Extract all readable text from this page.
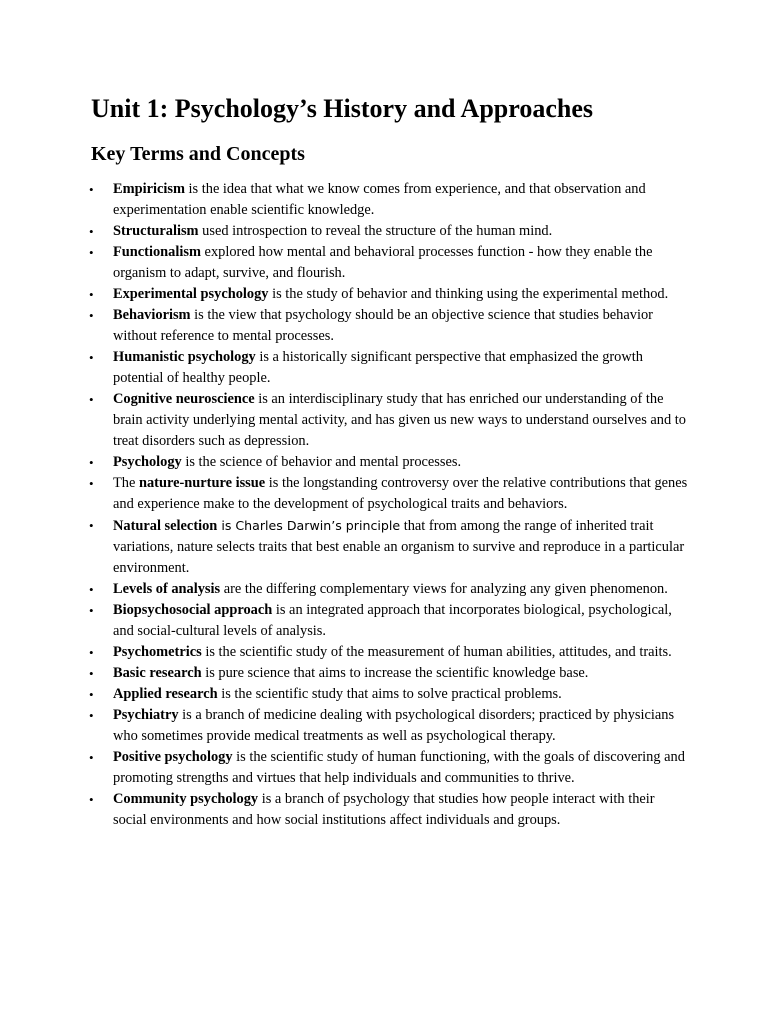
Unit 1: Psychology’s History and Approaches
Key Terms and Concepts
• Empiricism is the idea that what we know comes from experience, and that observation and experimentation enable scientific knowledge.
• Structuralism used introspection to reveal the structure of the human mind.
• Functionalism explored how mental and behavioral processes function - how they enable the organism to adapt, survive, and flourish.
• Experimental psychology is the study of behavior and thinking using the experimental method.
• Behaviorism is the view that psychology should be an objective science that studies behavior without reference to mental processes.
• Humanistic psychology is a historically significant perspective that emphasized the growth potential of healthy people.
• Cognitive neuroscience is an interdisciplinary study that has enriched our understanding of the brain activity underlying mental activity, and has given us new ways to understand ourselves and to treat disorders such as depression.
• Psychology is the science of behavior and mental processes.
• The nature-nurture issue is the longstanding controversy over the relative contributions that genes and experience make to the development of psychological traits and behaviors.
• Natural selection is Charles Darwin’s principle that from among the range of inherited trait variations, nature selects traits that best enable an organism to survive and reproduce in a particular environment.
• Levels of analysis are the differing complementary views for analyzing any given phenomenon.
• Biopsychosocial approach is an integrated approach that incorporates biological, psychological, and social-cultural levels of analysis.
• Psychometrics is the scientific study of the measurement of human abilities, attitudes, and traits.
• Basic research is pure science that aims to increase the scientific knowledge base.
• Applied research is the scientific study that aims to solve practical problems.
• Psychiatry is a branch of medicine dealing with psychological disorders; practiced by physicians who sometimes provide medical treatments as well as psychological therapy.
• Positive psychology is the scientific study of human functioning, with the goals of discovering and promoting strengths and virtues that help individuals and communities to thrive.
• Community psychology is a branch of psychology that studies how people interact with their social environments and how social institutions affect individuals and groups.
